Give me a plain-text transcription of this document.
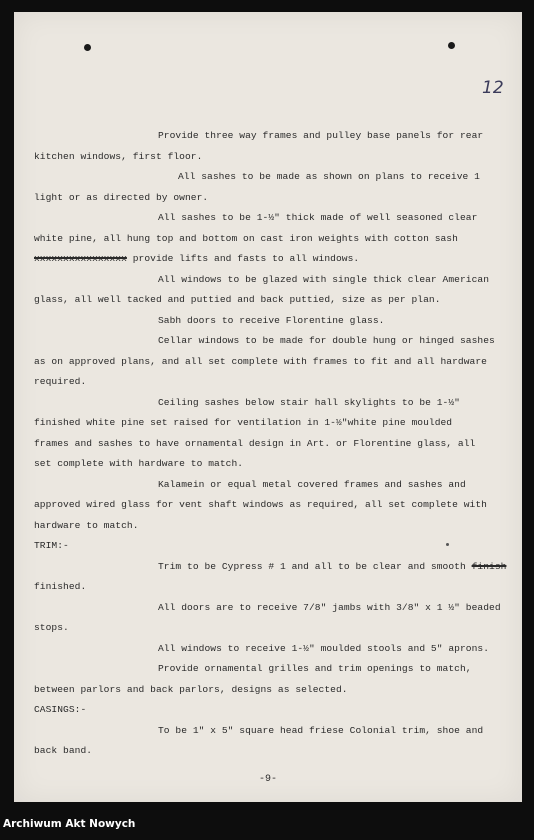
12
Provide three way frames and pulley base panels for rear
kitchen windows, first floor.
All sashes to be made as shown on plans to receive 1
light or as directed by owner.
All sashes to be 1-½" thick made of well seasoned clear
white pine, all hung top and bottom on cast iron weights with cotton sash
xxxxxxxxxxxxxxxx provide lifts and fasts to all windows.
All windows to be glazed with single thick clear American
glass, all well tacked and puttied and back puttied, size as per plan.
Sabh doors to receive Florentine glass.
Cellar windows to be made for double hung or hinged sashes
as on approved plans, and all set complete with frames to fit and all hardware
required.
Ceiling sashes below stair hall skylights to be 1-½"
finished white pine set raised for ventilation in 1-½"white pine moulded
frames and sashes to have ornamental design in Art. or Florentine glass, all
set complete with hardware to match.
Kalamein or equal metal covered frames and sashes and
approved wired glass for vent shaft windows as required, all set complete with
hardware to match.
TRIM:-
Trim to be Cypress # 1 and all to be clear and smooth finish
finished.
All doors are to receive 7/8" jambs with 3/8" x 1 ½" beaded
stops.
All windows to receive 1-½" moulded stools and 5" aprons.
Provide ornamental grilles and trim openings to match,
between parlors and back parlors, designs as selected.
CASINGS:-
To be 1" x 5" square head friese Colonial trim, shoe and
back band.
-9-
Archiwum Akt Nowych
